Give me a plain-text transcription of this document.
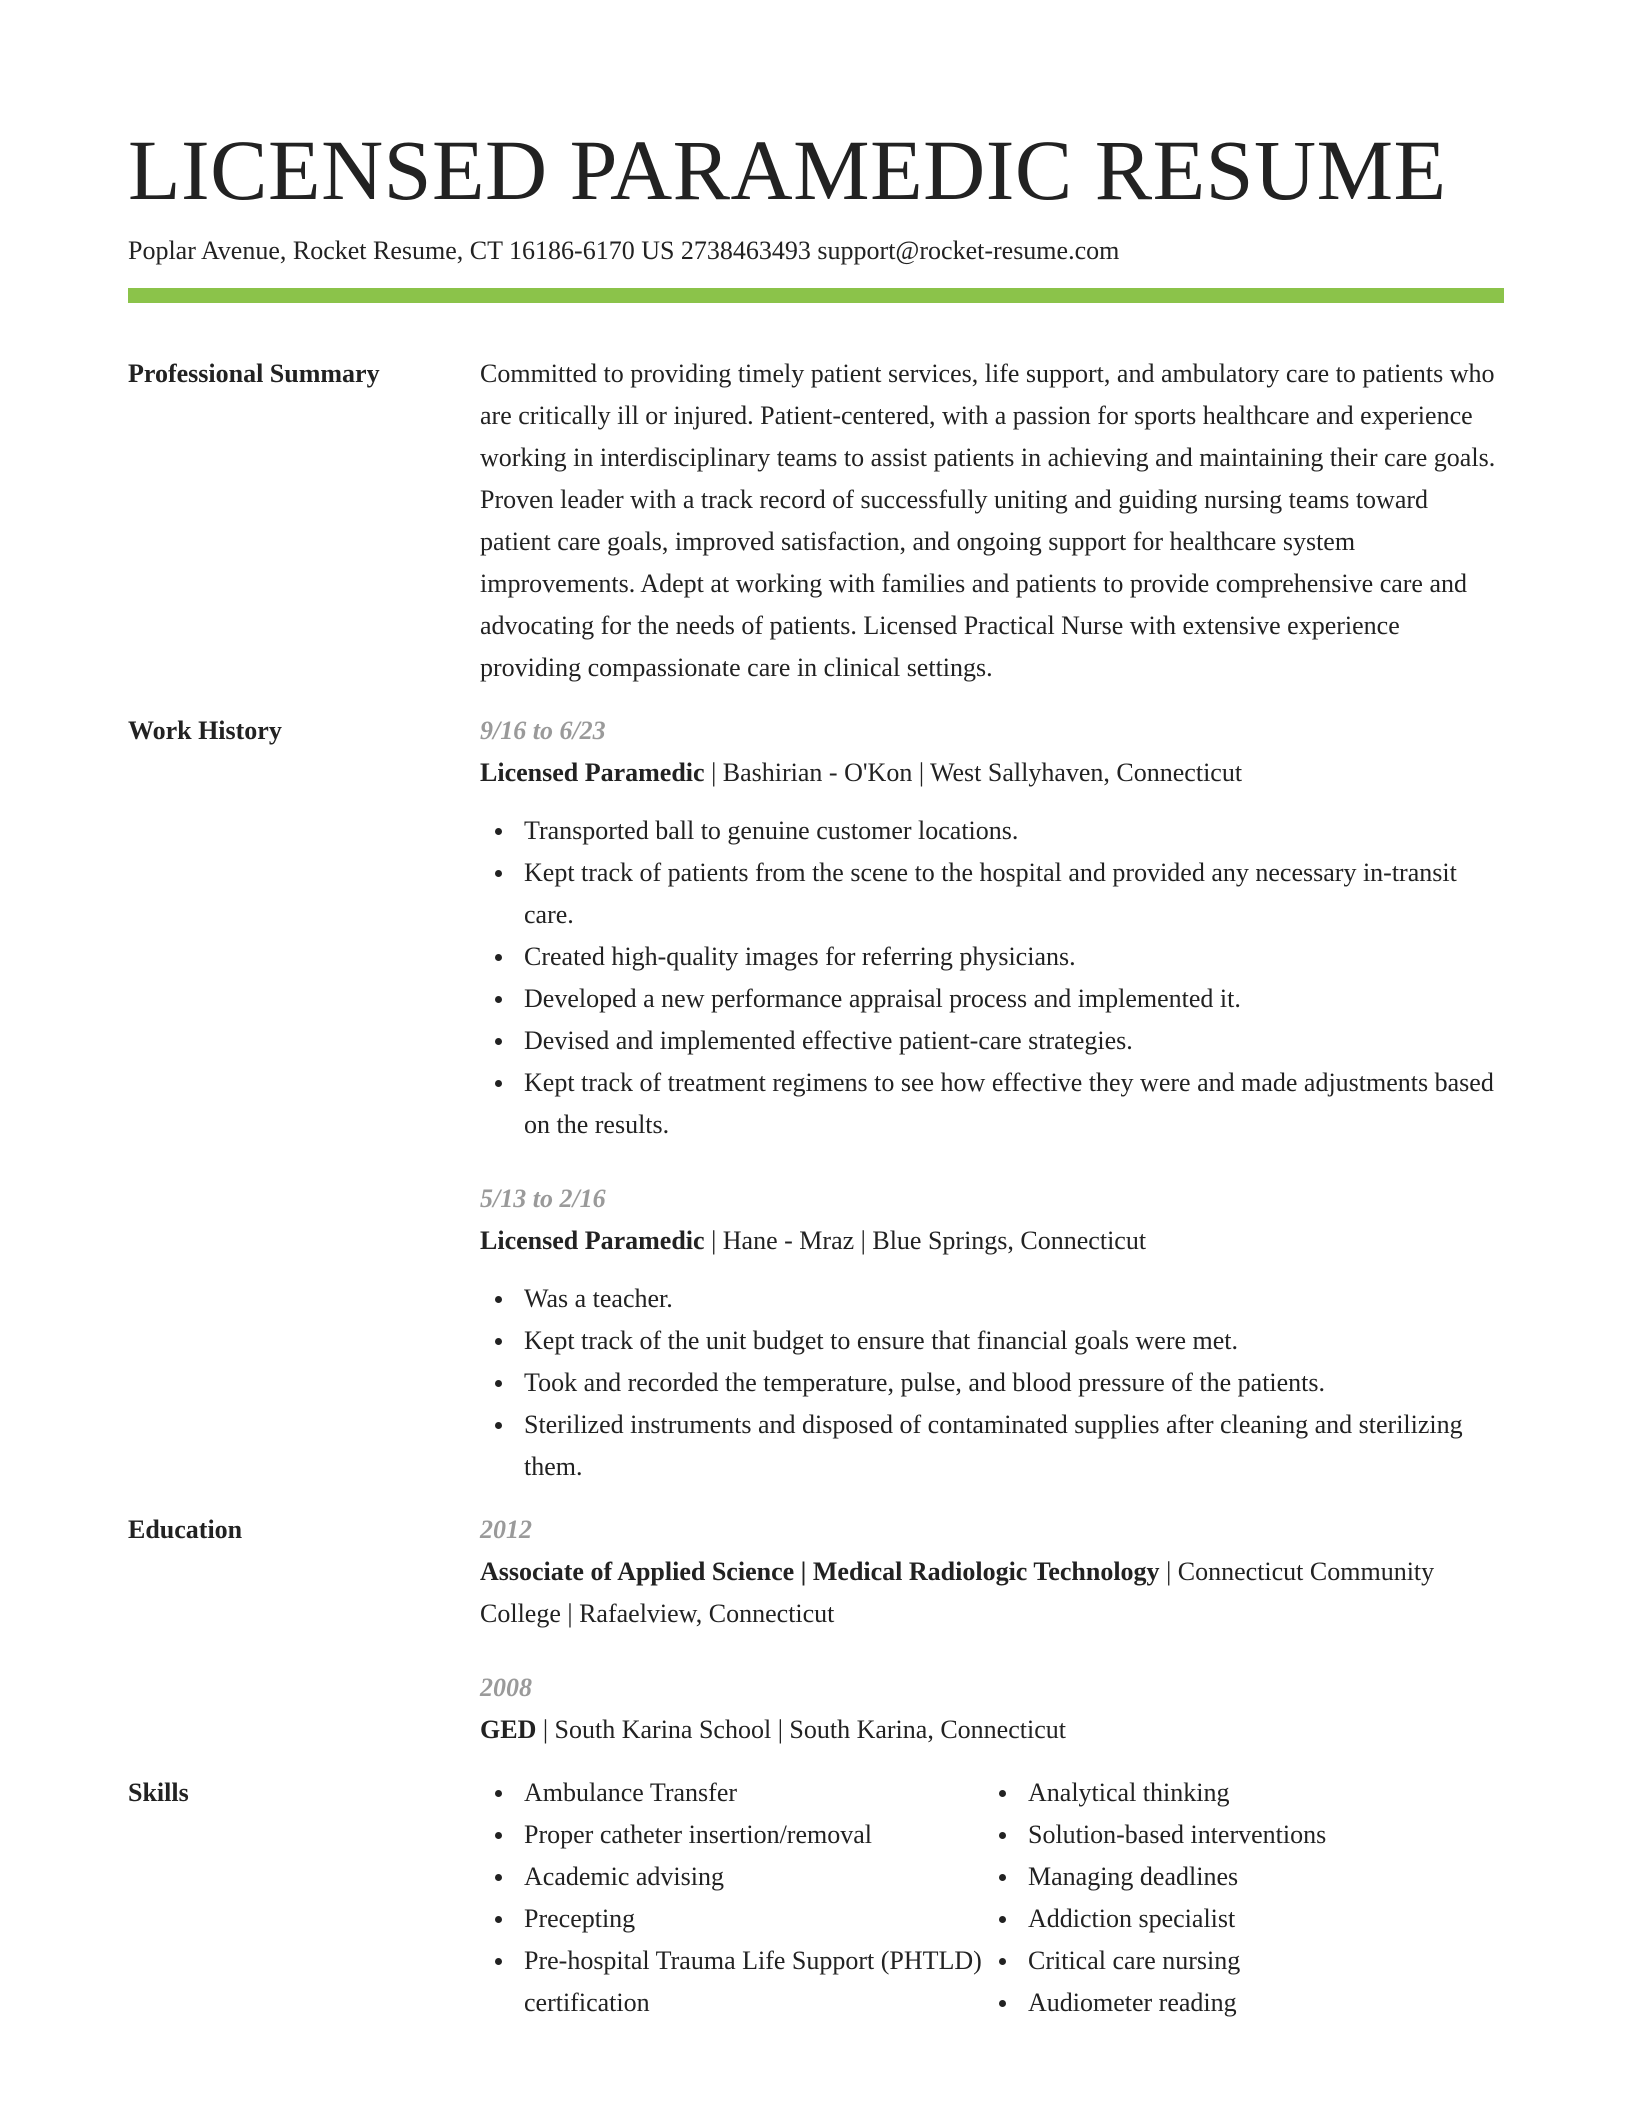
LICENSED PARAMEDIC RESUME
Poplar Avenue, Rocket Resume, CT 16186-6170 US 2738463493 support@rocket-resume.com
Professional Summary	Committed to providing timely patient services, life support, and ambulatory care to patients who are critically ill or injured. Patient-centered, with a passion for sports healthcare and experience working in interdisciplinary teams to assist patients in achieving and maintaining their care goals. Proven leader with a track record of successfully uniting and guiding nursing teams toward patient care goals, improved satisfaction, and ongoing support for healthcare system improvements. Adept at working with families and patients to provide comprehensive care and advocating for the needs of patients. Licensed Practical Nurse with extensive experience providing compassionate care in clinical settings.
Work History	9/16 to 6/23
Licensed Paramedic | Bashirian - O'Kon | West Sallyhaven, Connecticut
Transported ball to genuine customer locations.
Kept track of patients from the scene to the hospital and provided any necessary in-transit care.
Created high-quality images for referring physicians.
Developed a new performance appraisal process and implemented it.
Devised and implemented effective patient-care strategies.
Kept track of treatment regimens to see how effective they were and made adjustments based on the results.
5/13 to 2/16
Licensed Paramedic | Hane - Mraz | Blue Springs, Connecticut
Was a teacher.
Kept track of the unit budget to ensure that financial goals were met.
Took and recorded the temperature, pulse, and blood pressure of the patients.
Sterilized instruments and disposed of contaminated supplies after cleaning and sterilizing them.
Education	2012
Associate of Applied Science | Medical Radiologic Technology | Connecticut Community College | Rafaelview, Connecticut
2008
GED | South Karina School | South Karina, Connecticut
Skills	Ambulance Transfer
Proper catheter insertion/removal
Academic advising
Precepting
Pre-hospital Trauma Life Support (PHTLD) certification
Analytical thinking
Solution-based interventions
Managing deadlines
Addiction specialist
Critical care nursing
Audiometer reading
